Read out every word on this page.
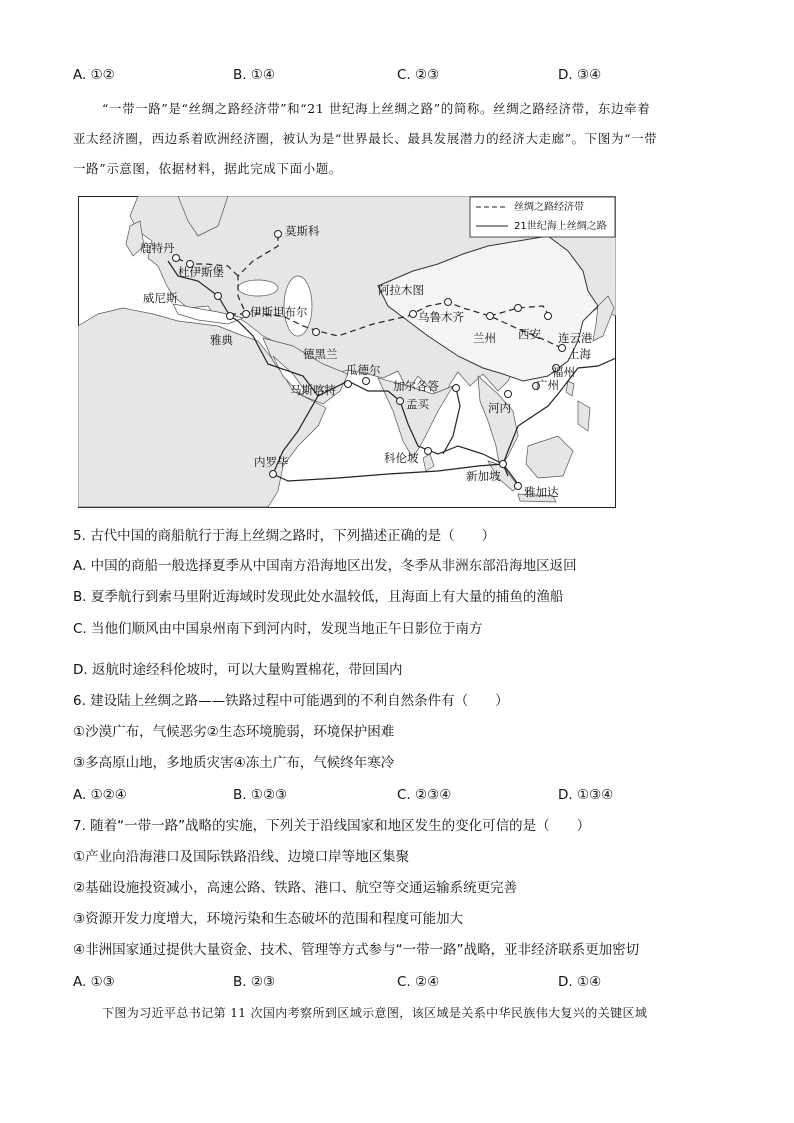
A. ①②	B. ①④	C. ②③	D. ③④
“一带一路”是“丝绸之路经济带”和“21 世纪海上丝绸之路”的简称。丝绸之路经济带，东边牵着
亚太经济圈，西边系着欧洲经济圈，被认为是“世界最长、最具发展潜力的经济大走廊”。下图为“一带
一路”示意图，依据材料，据此完成下面小题。
丝绸之路经济带
21世纪海上丝绸之路
莫斯科
鹿特丹
杜伊斯堡
威尼斯
伊斯坦布尔
雅典
德黑兰
阿拉木图
乌鲁木齐
兰州 西安 连云港
上海
福州
广州
河内
瓜德尔
马斯喀特	加尔各答
孟买
科伦坡
新加坡
雅加达
内罗毕
5. 古代中国的商船航行于海上丝绸之路时，下列描述正确的是（　　）
A. 中国的商船一般选择夏季从中国南方沿海地区出发，冬季从非洲东部沿海地区返回
B. 夏季航行到索马里附近海域时发现此处水温较低，且海面上有大量的捕鱼的渔船
C. 当他们顺风由中国泉州南下到河内时，发现当地正午日影位于南方
D. 返航时途经科伦坡时，可以大量购置棉花，带回国内
6. 建设陆上丝绸之路——铁路过程中可能遇到的不利自然条件有（　　）
①沙漠广布，气候恶劣②生态环境脆弱，环境保护困难
③多高原山地，多地质灾害④冻土广布，气候终年寒冷
A. ①②④	B. ①②③	C. ②③④	D. ①③④
7. 随着“一带一路”战略的实施，下列关于沿线国家和地区发生的变化可信的是（　　）
①产业向沿海港口及国际铁路沿线、边境口岸等地区集聚
②基础设施投资减小，高速公路、铁路、港口、航空等交通运输系统更完善
③资源开发力度增大，环境污染和生态破坏的范围和程度可能加大
④非洲国家通过提供大量资金、技术、管理等方式参与“一带一路”战略，亚非经济联系更加密切
A. ①③	B. ②③	C. ②④	D. ①④
下图为习近平总书记第 11 次国内考察所到区域示意图，该区域是关系中华民族伟大复兴的关键区域
